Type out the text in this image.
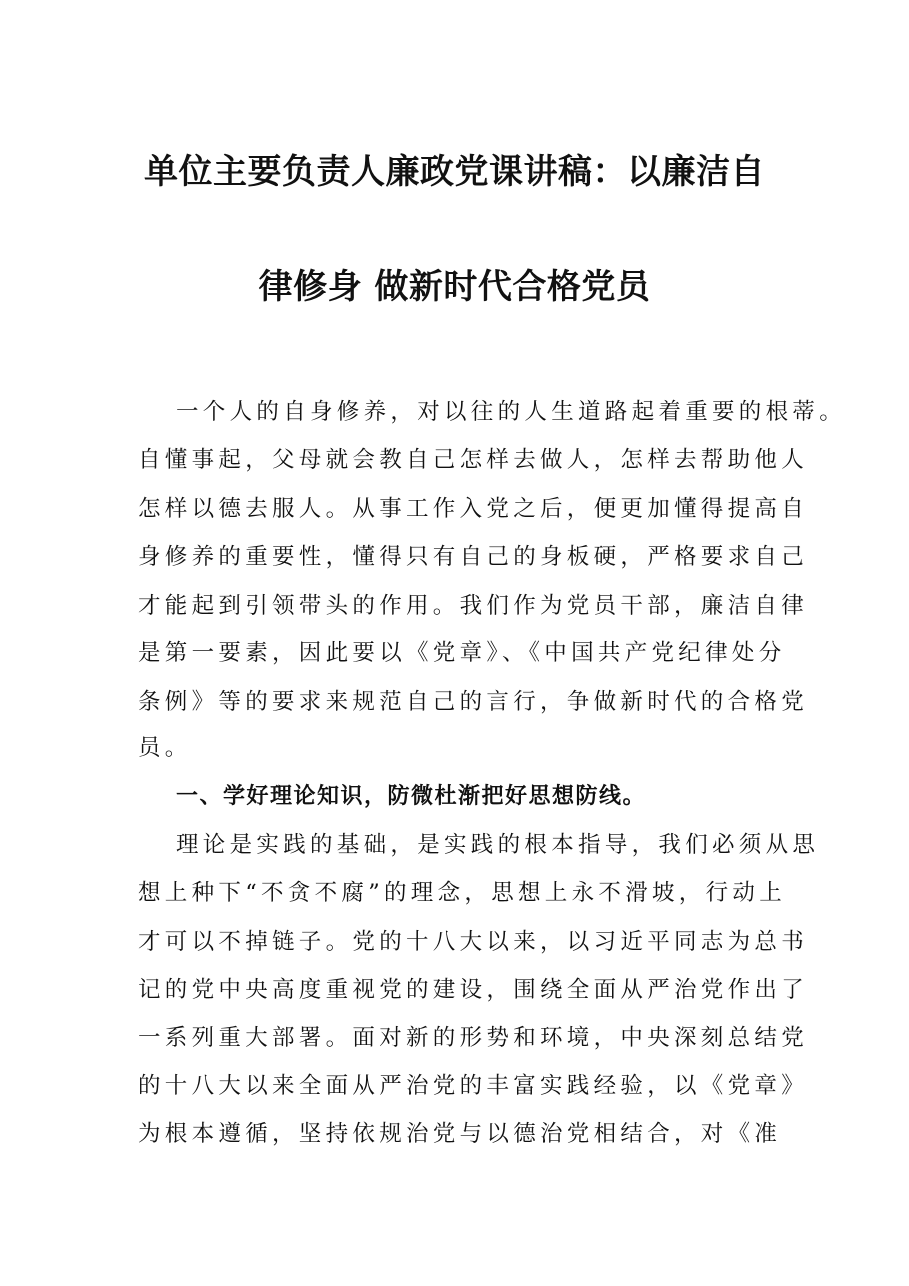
单位主要负责人廉政党课讲稿：以廉洁自
律修身 做新时代合格党员
一个人的自身修养，对以往的人生道路起着重要的根蒂。
自懂事起，父母就会教自己怎样去做人，怎样去帮助他人
怎样以德去服人。从事工作入党之后，便更加懂得提高自
身修养的重要性，懂得只有自己的身板硬，严格要求自己
才能起到引领带头的作用。我们作为党员干部，廉洁自律
是第一要素，因此要以《党章》、《中国共产党纪律处分
条例》等的要求来规范自己的言行，争做新时代的合格党
员。
一、学好理论知识，防微杜渐把好思想防线。
理论是实践的基础，是实践的根本指导，我们必须从思
想上种下“不贪不腐”的理念，思想上永不滑坡，行动上
才可以不掉链子。党的十八大以来，以习近平同志为总书
记的党中央高度重视党的建设，围绕全面从严治党作出了
一系列重大部署。面对新的形势和环境，中央深刻总结党
的十八大以来全面从严治党的丰富实践经验，以《党章》
为根本遵循，坚持依规治党与以德治党相结合，对《准
